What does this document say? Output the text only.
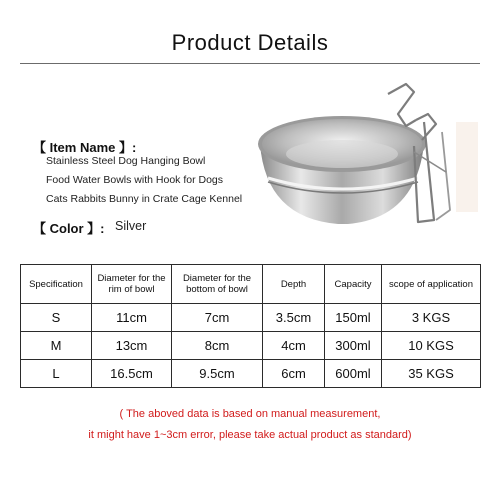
Product Details
【 Item Name 】:
Stainless Steel Dog Hanging Bowl
Food Water Bowls with Hook for Dogs
Cats Rabbits Bunny in Crate Cage Kennel
【 Color 】: Silver
Specification	Diameter for the rim of bowl	Diameter for the bottom of bowl	Depth	Capacity	scope of application
S	11cm	7cm	3.5cm	150ml	3 KGS
M	13cm	8cm	4cm	300ml	10 KGS
L	16.5cm	9.5cm	6cm	600ml	35 KGS
( The aboved data is based on manual measurement,
it might have 1~3cm error, please take actual product as standard)
